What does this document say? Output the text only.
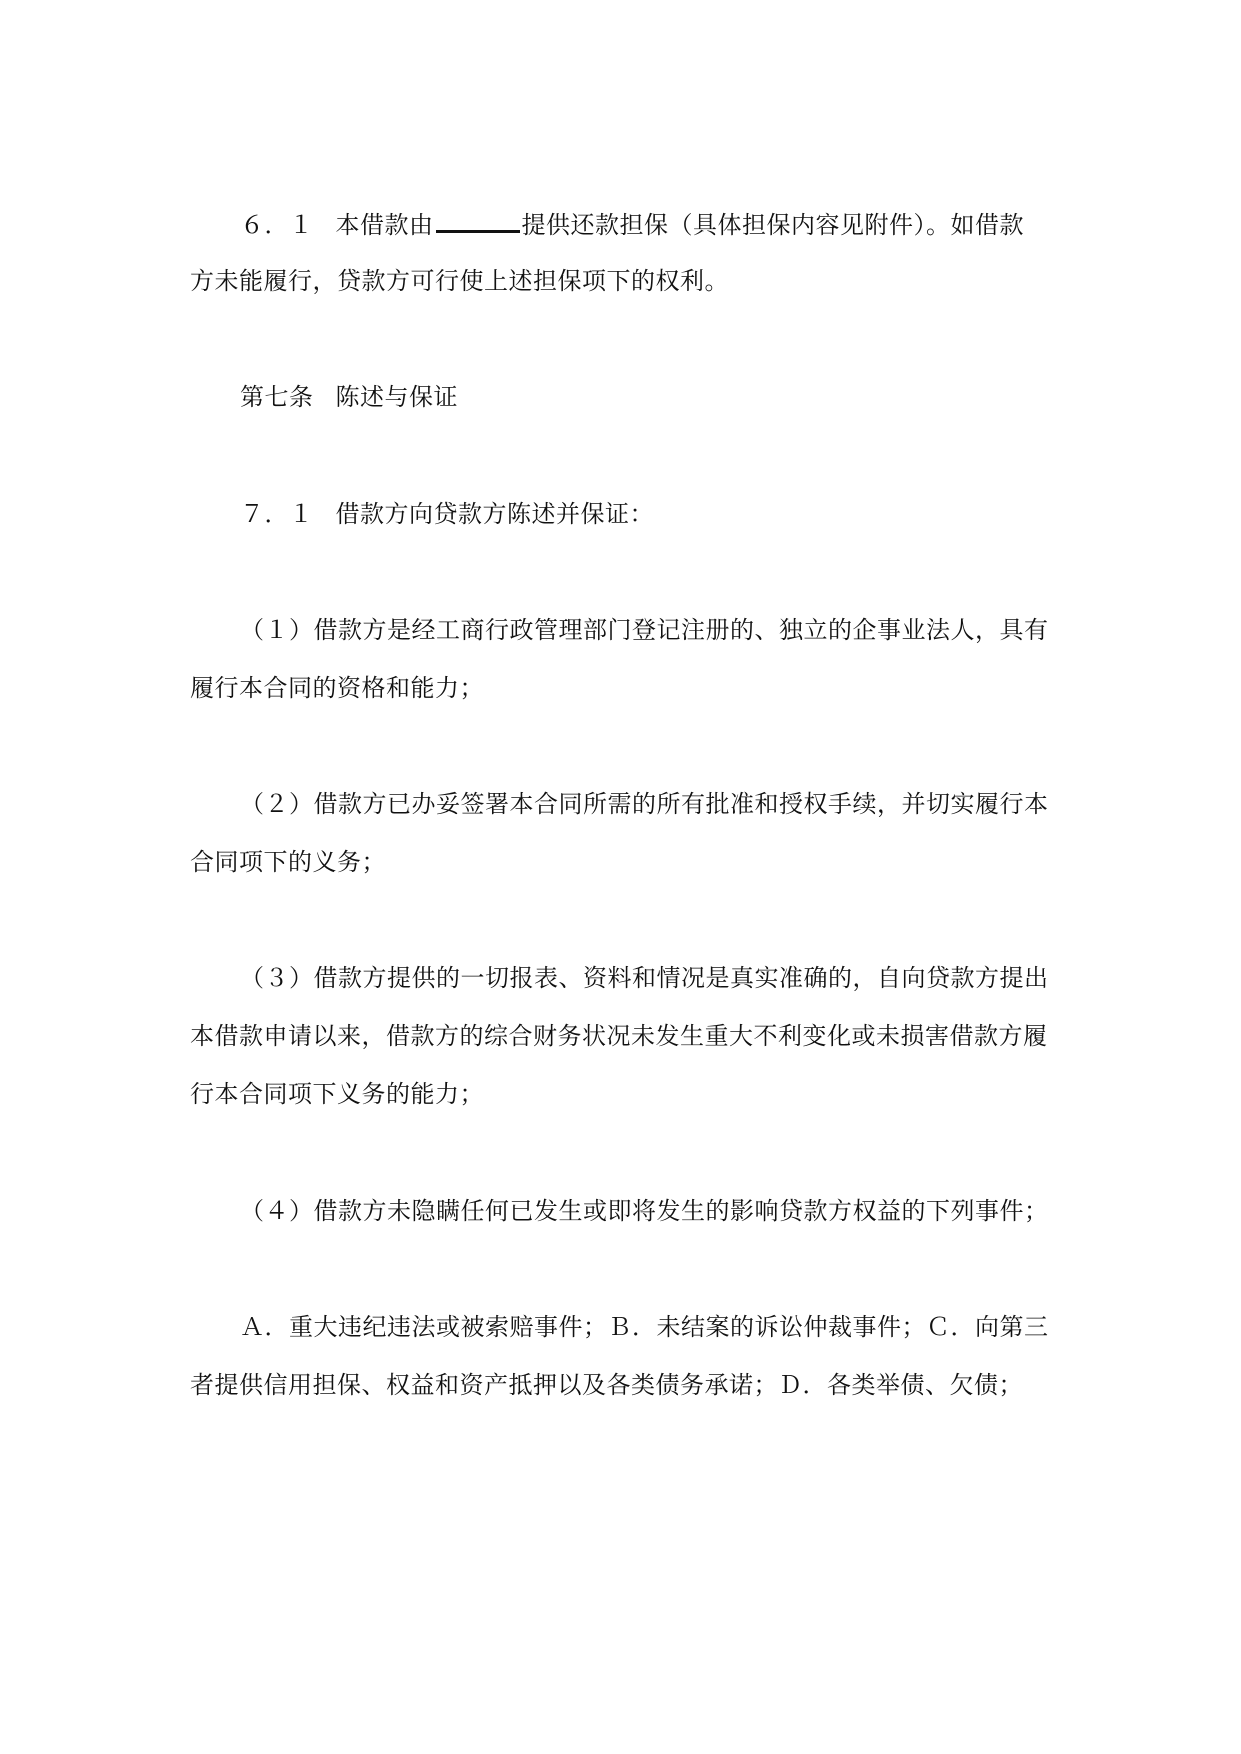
６．１ 本借款由	提供还款担保（具体担保内容见附件）。如借款
方未能履行，贷款方可行使上述担保项下的权利。
第七条 陈述与保证
７．１ 借款方向贷款方陈述并保证：
（１）借款方是经工商行政管理部门登记注册的、独立的企事业法人，具有
履行本合同的资格和能力；
（２）借款方已办妥签署本合同所需的所有批准和授权手续，并切实履行本
合同项下的义务；
（３）借款方提供的一切报表、资料和情况是真实准确的，自向贷款方提出
本借款申请以来，借款方的综合财务状况未发生重大不利变化或未损害借款方履
行本合同项下义务的能力；
（４）借款方未隐瞒任何已发生或即将发生的影响贷款方权益的下列事件；
Ａ．重大违纪违法或被索赔事件；Ｂ．未结案的诉讼仲裁事件；Ｃ．向第三
者提供信用担保、权益和资产抵押以及各类债务承诺；Ｄ．各类举债、欠债；
